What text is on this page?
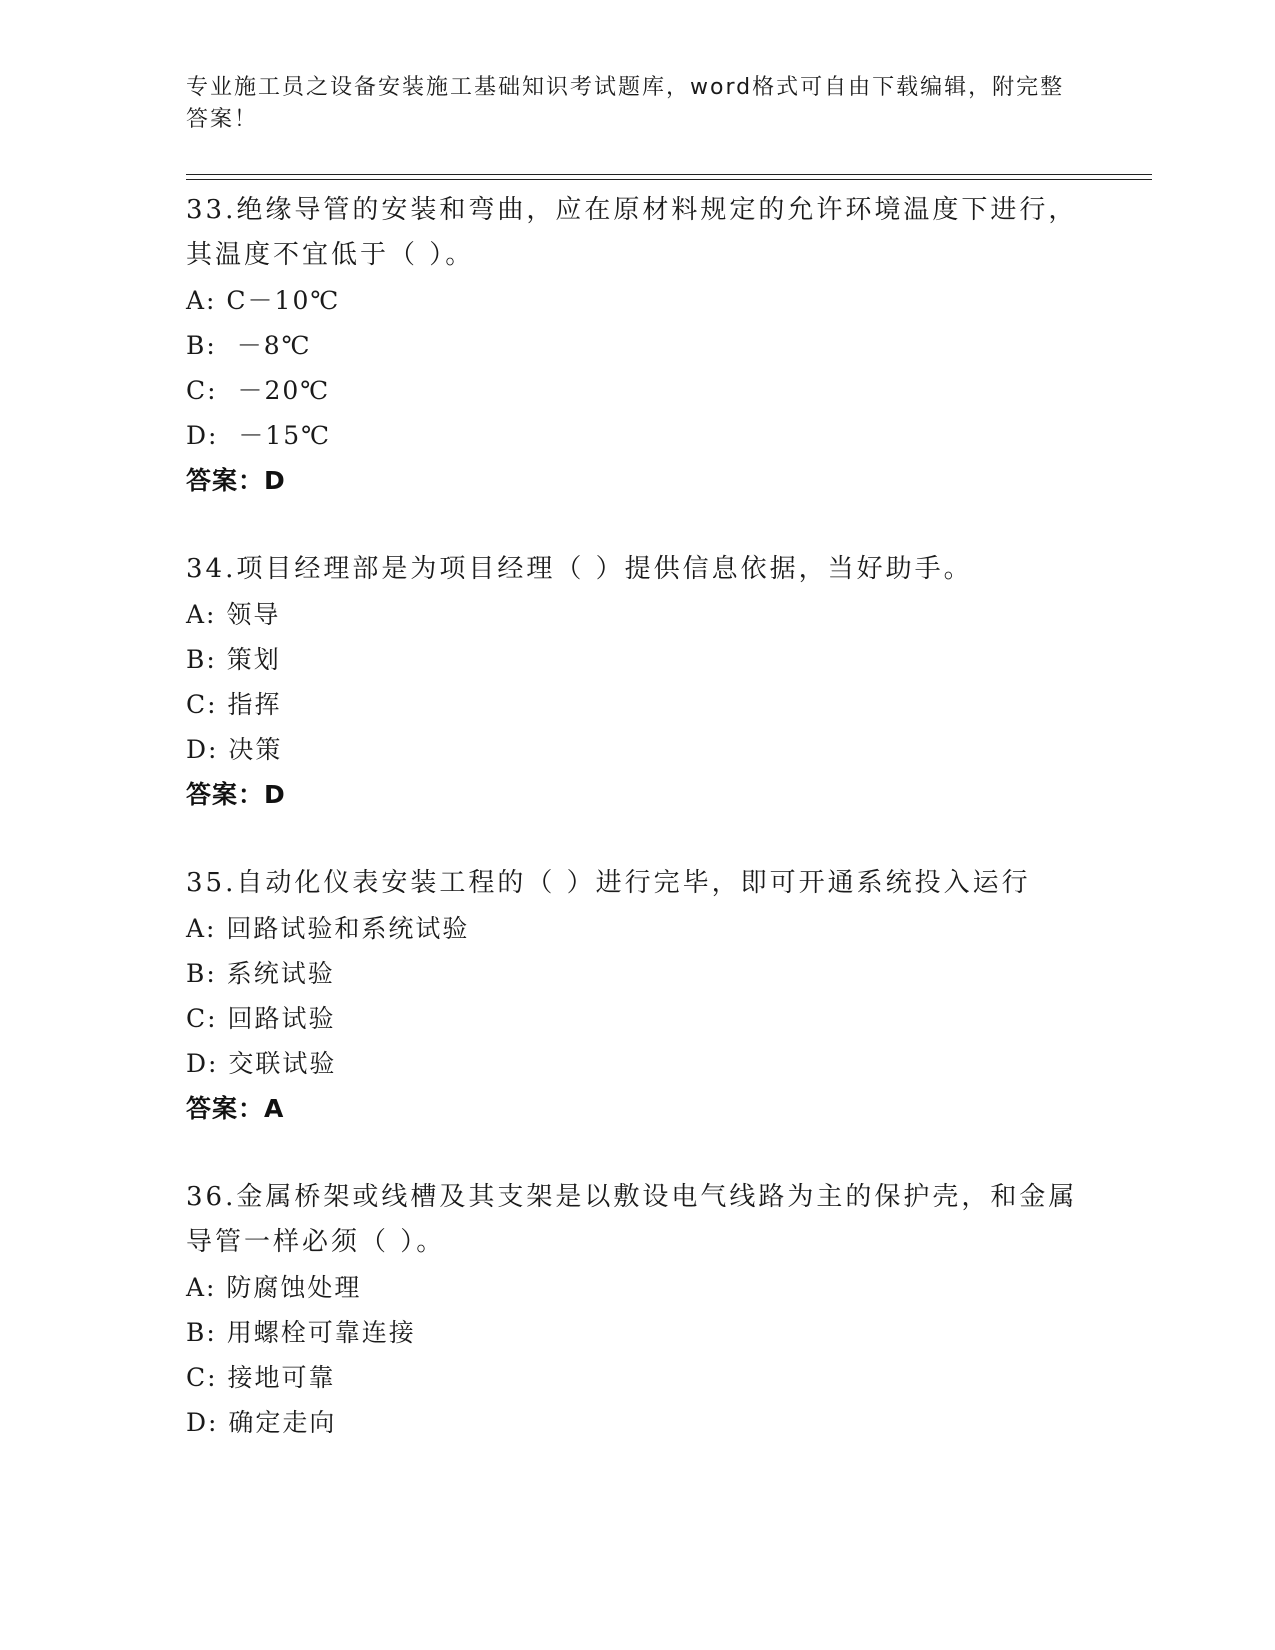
专业施工员之设备安装施工基础知识考试题库，word格式可自由下载编辑，附完整答案！

33.绝缘导管的安装和弯曲，应在原材料规定的允许环境温度下进行，

其温度不宜低于（ ）。

A: C－10℃

B:  －8℃

C:  －20℃

D:  －15℃

答案：D

34.项目经理部是为项目经理（ ）提供信息依据，当好助手。

A: 领导

B: 策划

C: 指挥

D: 决策

答案：D

35.自动化仪表安装工程的（ ）进行完毕，即可开通系统投入运行

A: 回路试验和系统试验

B: 系统试验

C: 回路试验

D: 交联试验

答案：A

36.金属桥架或线槽及其支架是以敷设电气线路为主的保护壳，和金属

导管一样必须（ ）。

A: 防腐蚀处理

B: 用螺栓可靠连接

C: 接地可靠

D: 确定走向
